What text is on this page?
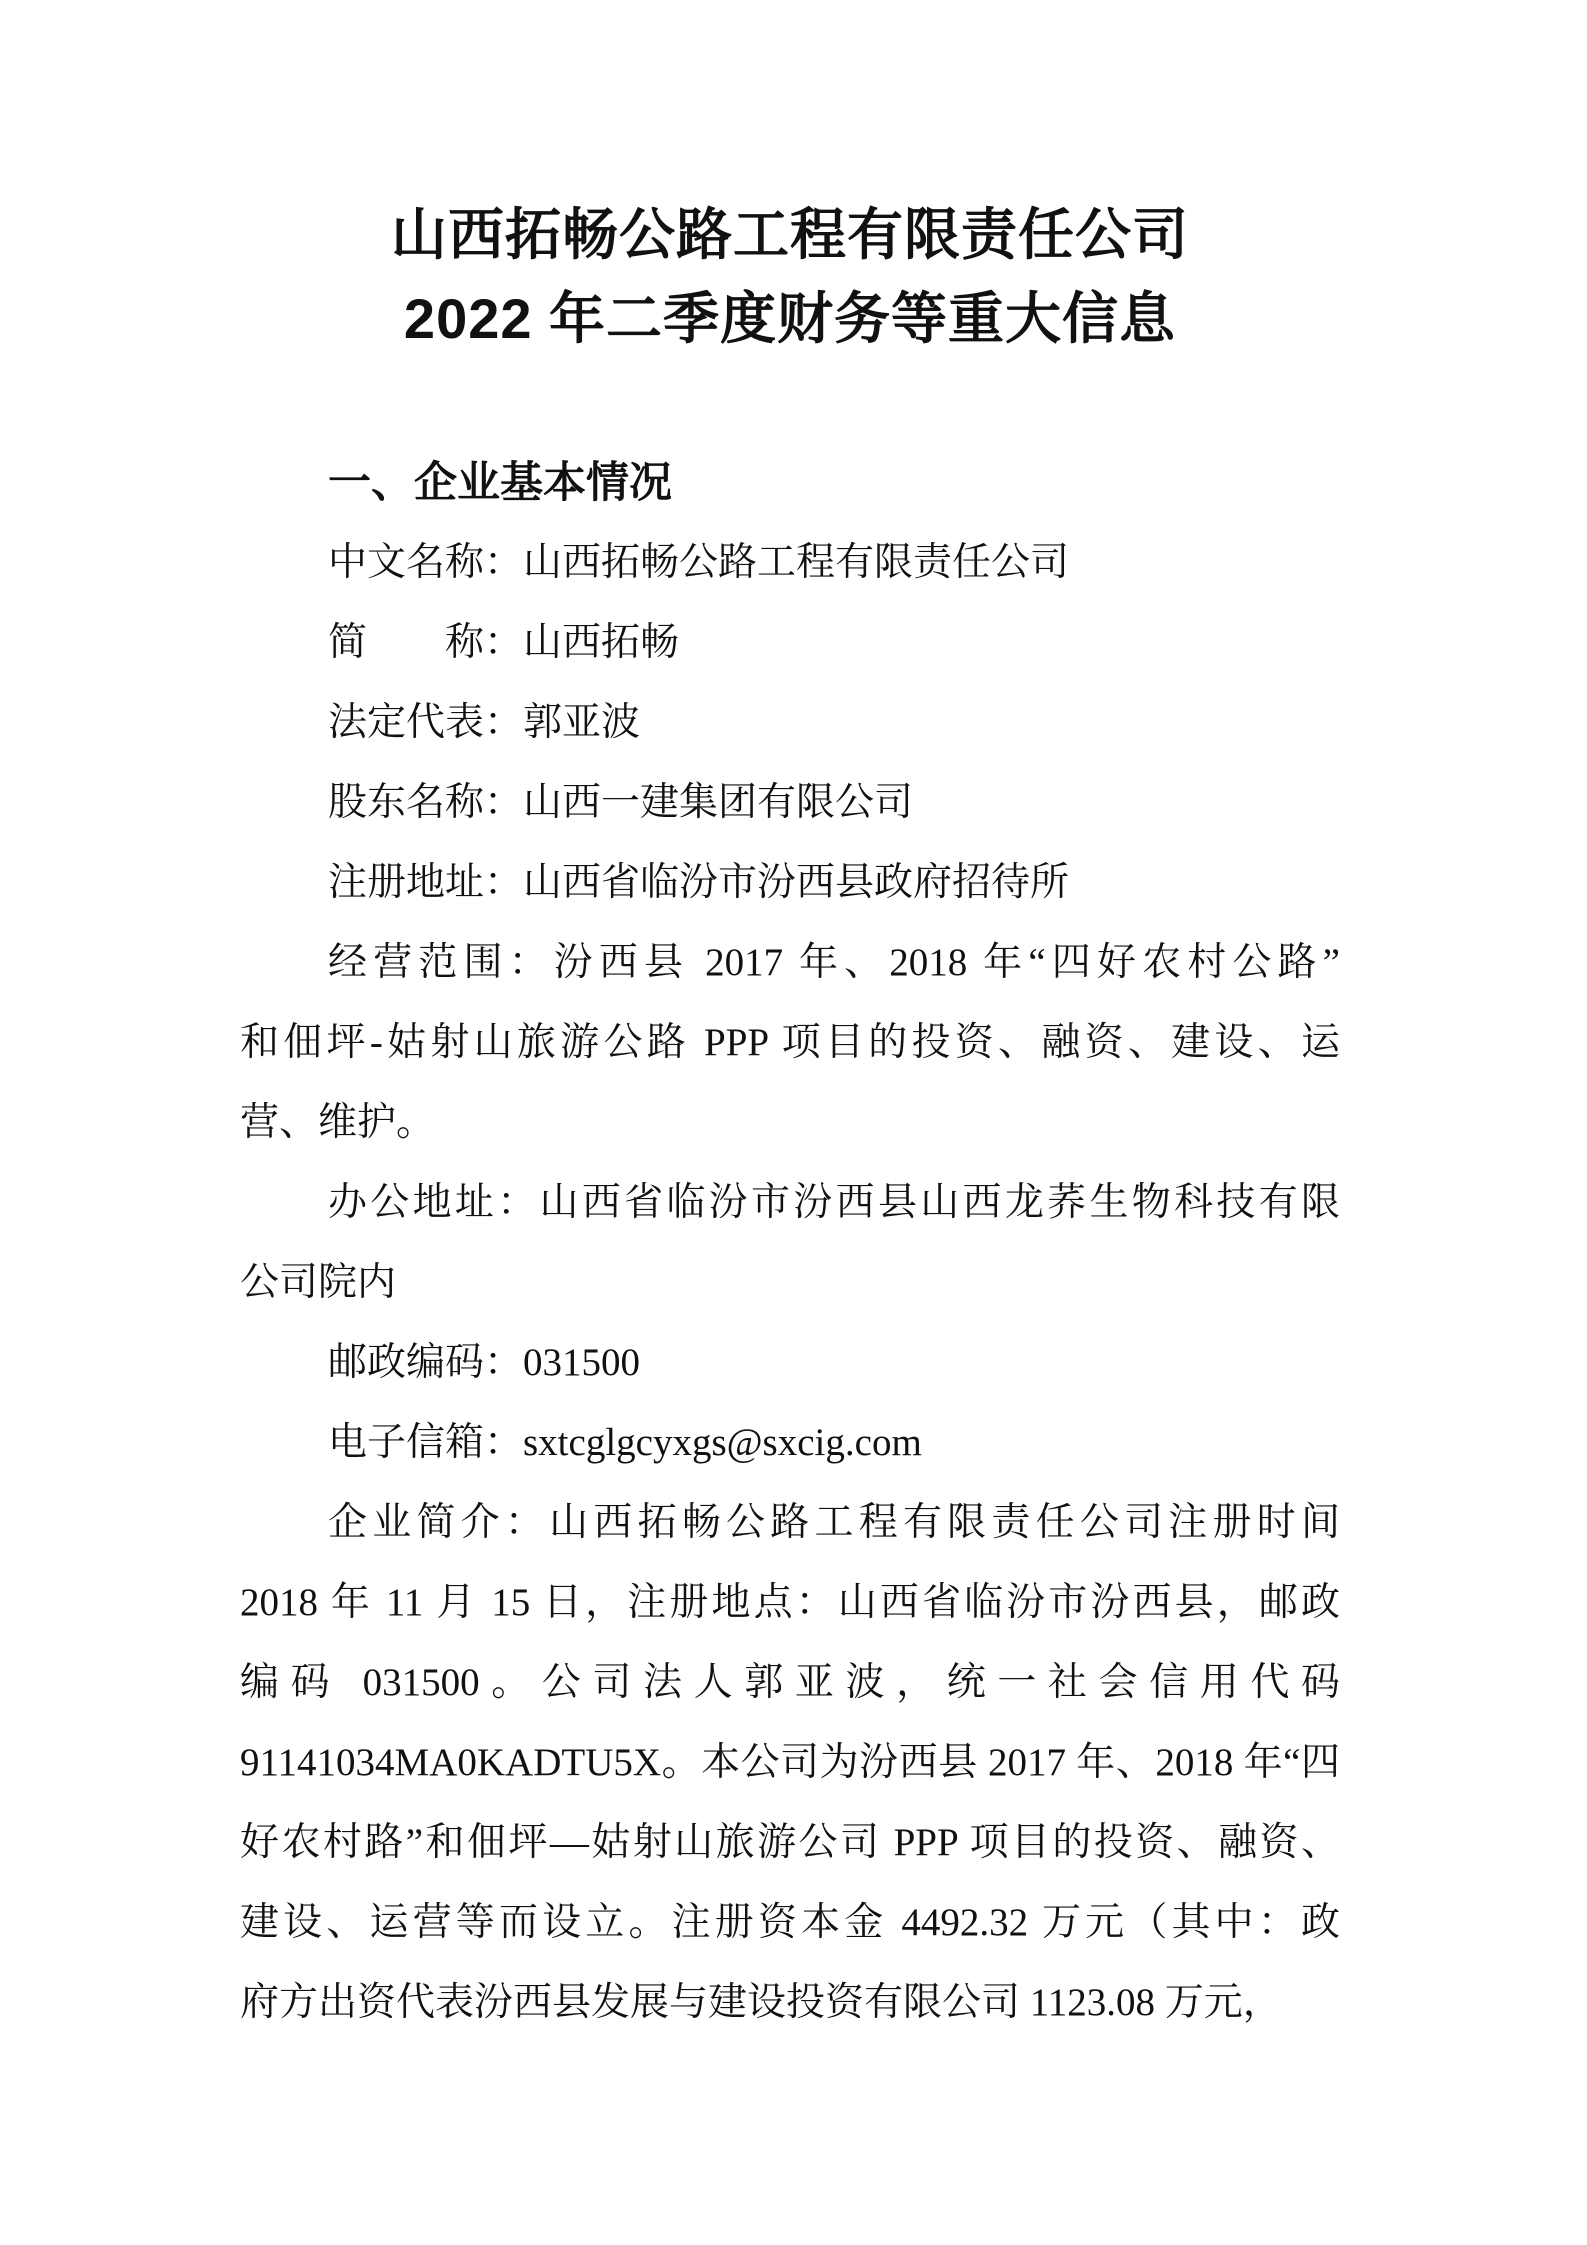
山西拓畅公路工程有限责任公司
2022 年二季度财务等重大信息
一、企业基本情况
中文名称：山西拓畅公路工程有限责任公司
简　　称：山西拓畅
法定代表：郭亚波
股东名称：山西一建集团有限公司
注册地址：山西省临汾市汾西县政府招待所
经营范围：汾西县 2017 年、2018 年“四好农村公路”
和佃坪-姑射山旅游公路 PPP 项目的投资、融资、建设、运
营、维护。
办公地址：山西省临汾市汾西县山西龙荞生物科技有限
公司院内
邮政编码：031500
电子信箱：sxtcglgcyxgs@sxcig.com
企业简介：山西拓畅公路工程有限责任公司注册时间
2018 年 11 月 15 日，注册地点：山西省临汾市汾西县，邮政
编码 031500。公司法人郭亚波，统一社会信用代码
91141034MA0KADTU5X。本公司为汾西县 2017 年、2018 年“四
好农村路”和佃坪—姑射山旅游公司 PPP 项目的投资、融资、
建设、运营等而设立。注册资本金 4492.32 万元（其中：政
府方出资代表汾西县发展与建设投资有限公司 1123.08 万元，
